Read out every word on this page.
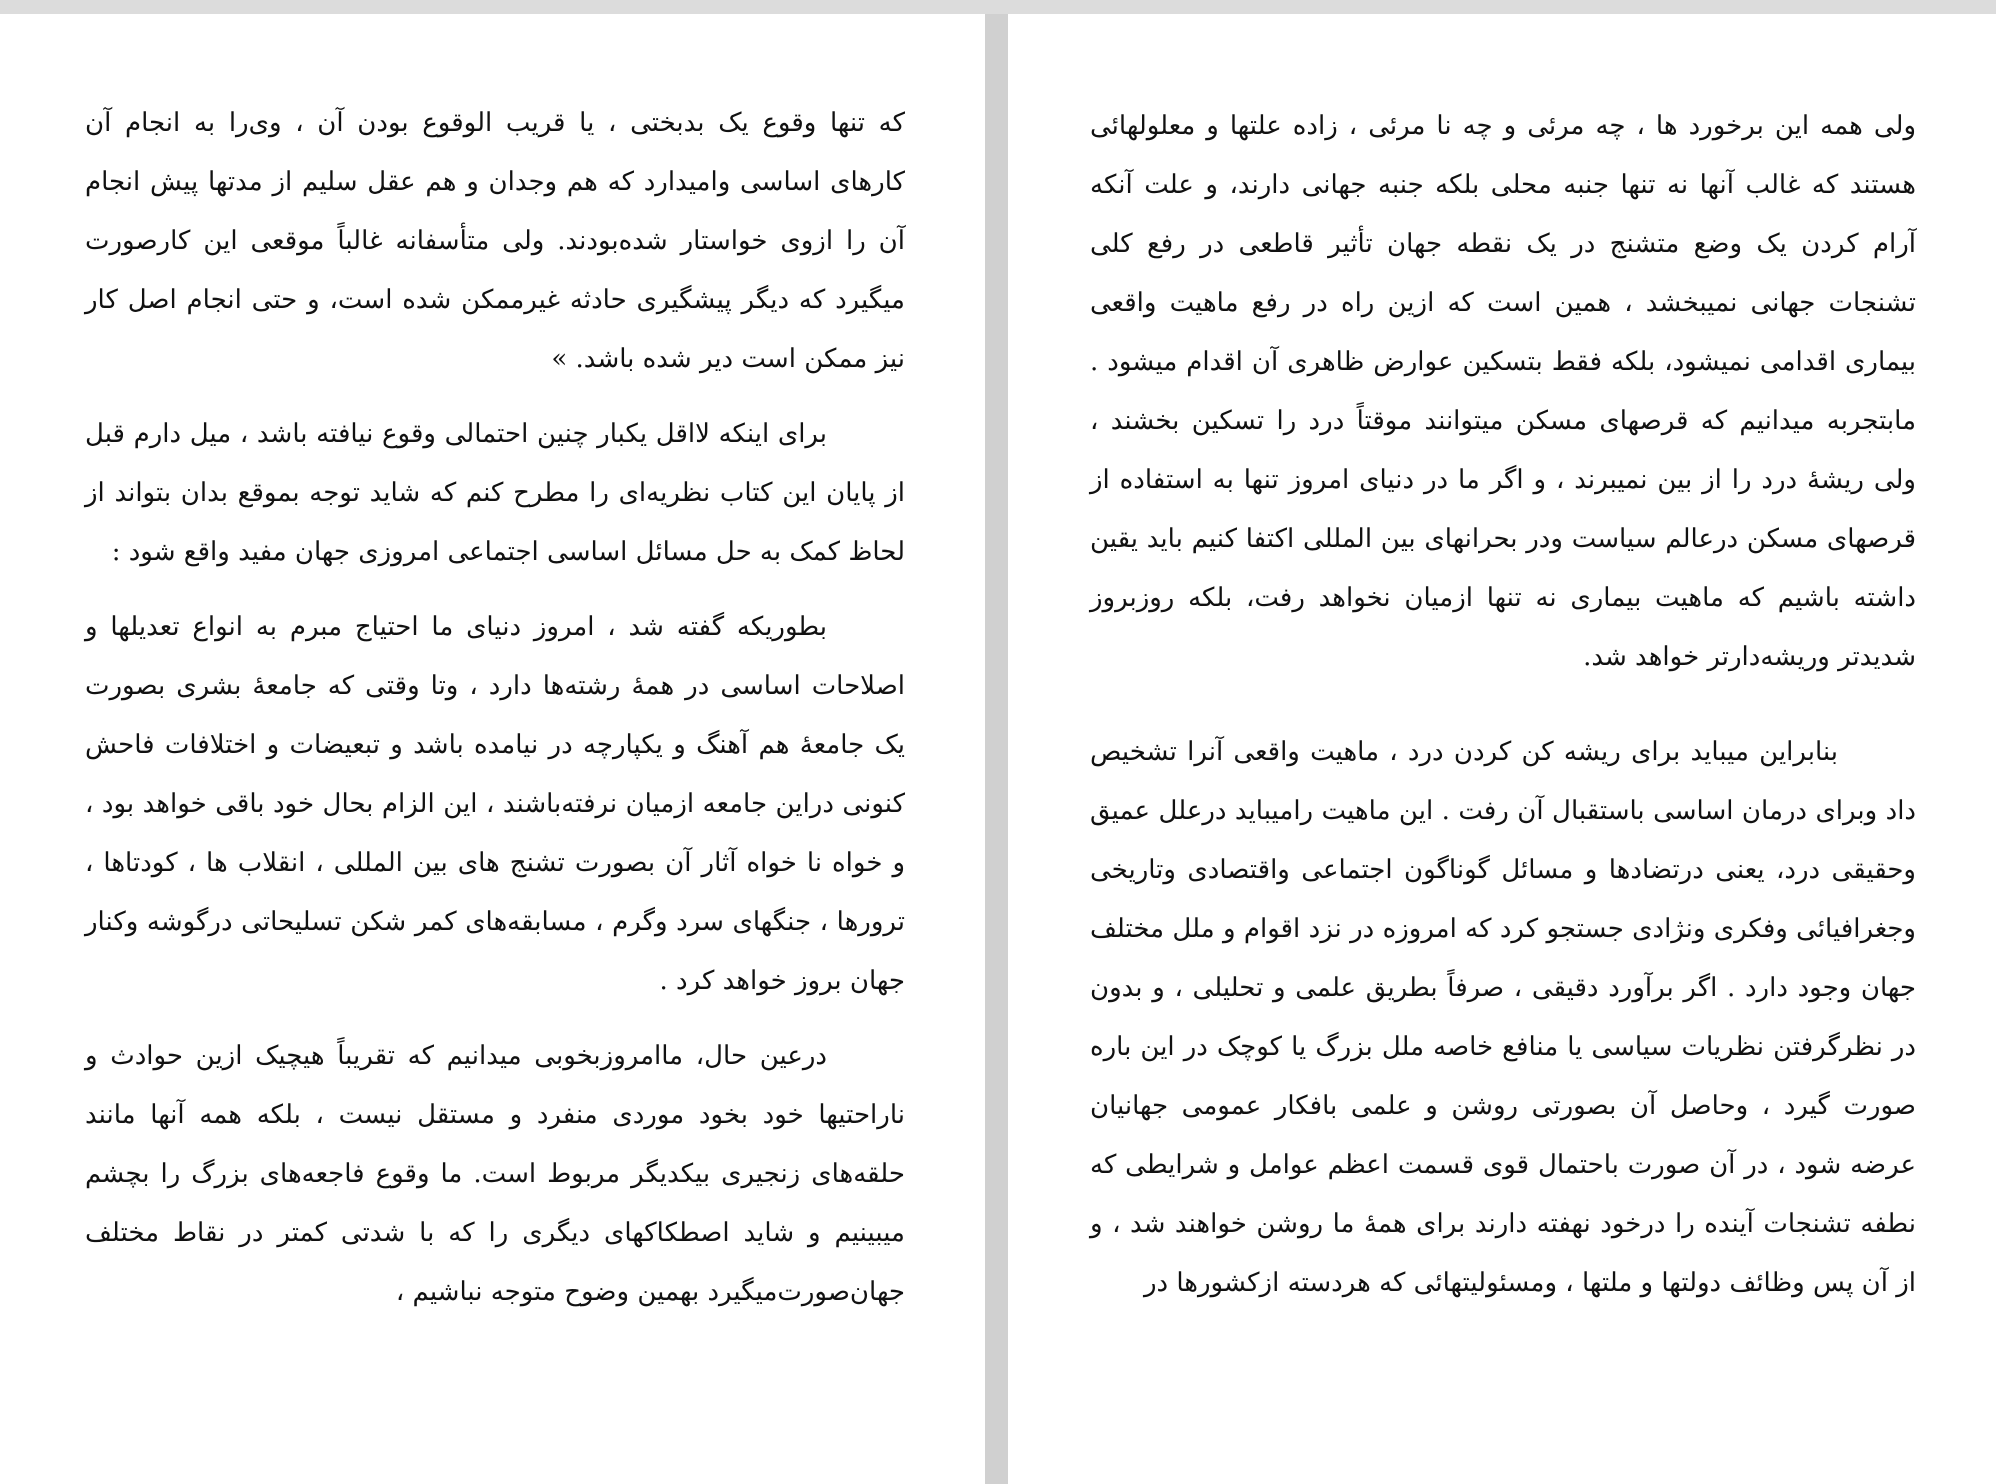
که تنها وقوع یک بدبختی ، یا قریب الوقوع بودن آن ، وی‌را به انجام آن کارهای اساسی وامیدارد که هم وجدان و هم عقل سلیم از مدتها پیش انجام آن را ازوی خواستار شده‌بودند. ولی متأسفانه غالباً موقعی این کارصورت میگیرد که دیگر پیشگیری حادثه غیرممکن شده است، و حتی انجام اصل کار نیز ممکن است دیر شده باشد. »

برای اینکه لااقل یکبار چنین احتمالی وقوع نیافته باشد ، میل دارم قبل از پایان این کتاب نظریه‌ای را مطرح کنم که شاید توجه بموقع بدان بتواند از لحاظ کمک به حل مسائل اساسی اجتماعی امروزی جهان مفید واقع شود :

بطوریکه گفته شد ، امروز دنیای ما احتیاج مبرم به انواع تعدیلها و اصلاحات اساسی در همهٔ رشته‌ها دارد ، وتا وقتی که جامعهٔ بشری بصورت یک جامعهٔ هم آهنگ و یکپارچه در نیامده باشد و تبعیضات و اختلافات فاحش کنونی دراین جامعه ازمیان نرفته‌باشند ، این الزام بحال خود باقی خواهد بود ، و خواه نا خواه آثار آن بصورت تشنج های بین المللی ، انقلاب ها ، کودتاها ، ترورها ، جنگهای سرد وگرم ، مسابقه‌های کمر شکن تسلیحاتی درگوشه وکنار جهان بروز خواهد کرد .

درعین حال، ماامروزبخوبی میدانیم که تقریباً هیچیک ازین حوادث و ناراحتیها خود بخود موردی منفرد و مستقل نیست ، بلکه همه آنها مانند حلقه‌های زنجیری بیکدیگر مربوط است. ما وقوع فاجعه‌های بزرگ را بچشم میبینیم و شاید اصطکاکهای دیگری را که با شدتی کمتر در نقاط مختلف جهان‌صورت‌میگیرد بهمین وضوح متوجه نباشیم ،

ولی همه این برخورد ها ، چه مرئی و چه نا مرئی ، زاده علتها و معلولهائی هستند که غالب آنها نه تنها جنبه محلی بلکه جنبه جهانی دارند، و علت آنکه آرام کردن یک وضع متشنج در یک نقطه جهان تأثیر قاطعی در رفع کلی تشنجات جهانی نمیبخشد ، همین است که ازین راه در رفع ماهیت واقعی بیماری اقدامی نمیشود، بلکه فقط بتسکین عوارض ظاهری آن اقدام میشود . مابتجربه میدانیم که قرصهای مسکن میتوانند موقتاً درد را تسکین بخشند ، ولی ریشهٔ درد را از بین نمیبرند ، و اگر ما در دنیای امروز تنها به استفاده از قرصهای مسکن درعالم سیاست ودر بحرانهای بین المللی اکتفا کنیم باید یقین داشته باشیم که ماهیت بیماری نه تنها ازمیان نخواهد رفت، بلکه روزبروز شدیدتر وریشه‌دارتر خواهد شد.

بنابراین میباید برای ریشه کن کردن درد ، ماهیت واقعی آنرا تشخیص داد وبرای درمان اساسی باستقبال آن رفت . این ماهیت رامیباید درعلل عمیق وحقیقی درد، یعنی درتضادها و مسائل گوناگون اجتماعی واقتصادی وتاریخی وجغرافیائی وفکری ونژادی جستجو کرد که امروزه در نزد اقوام و ملل مختلف جهان وجود دارد . اگر برآورد دقیقی ، صرفاً بطریق علمی و تحلیلی ، و بدون در نظرگرفتن نظریات سیاسی یا منافع خاصه ملل بزرگ یا کوچک در این باره صورت گیرد ، وحاصل آن بصورتی روشن و علمی بافکار عمومی جهانیان عرضه شود ، در آن صورت باحتمال قوی قسمت اعظم عوامل و شرایطی که نطفه تشنجات آینده را درخود نهفته دارند برای همهٔ ما روشن خواهند شد ، و از آن پس وظائف دولتها و ملتها ، ومسئولیتهائی که هردسته ازکشورها در
